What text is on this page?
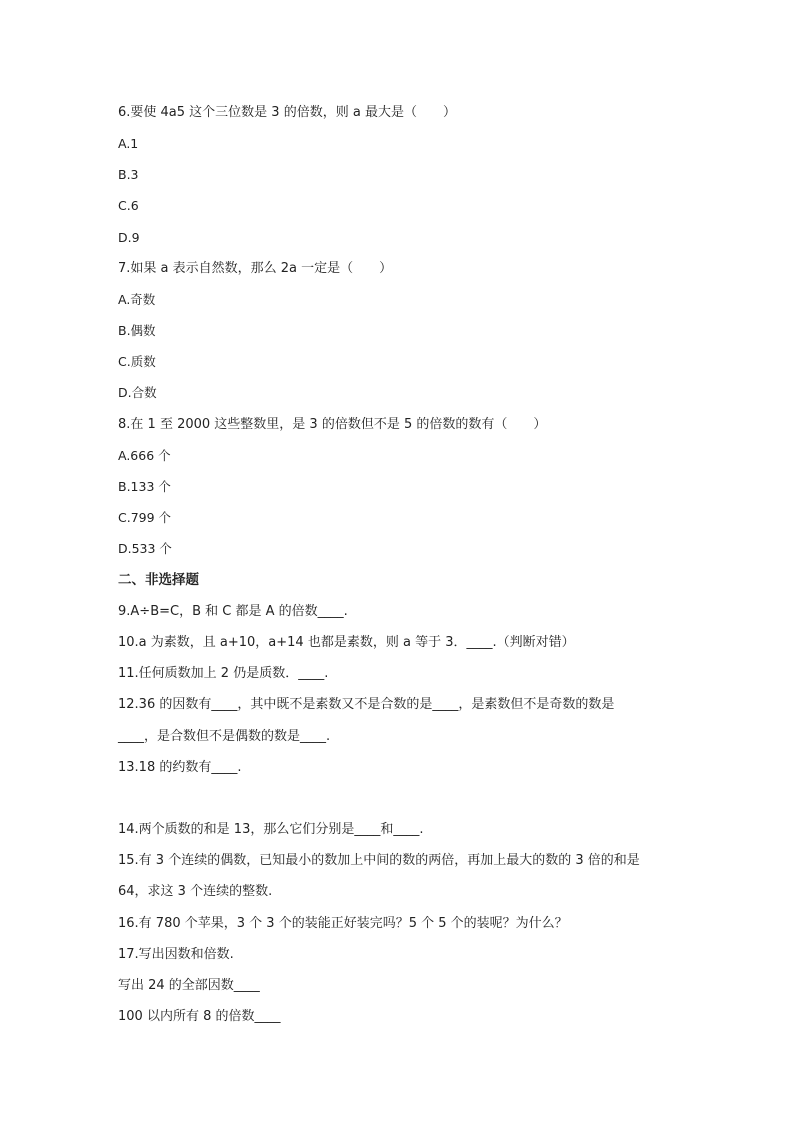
6.要使 4a5 这个三位数是 3 的倍数，则 a 最大是（　　）
A.1
B.3
C.6
D.9
7.如果 a 表示自然数，那么 2a 一定是（　　）
A.奇数
B.偶数
C.质数
D.合数
8.在 1 至 2000 这些整数里，是 3 的倍数但不是 5 的倍数的数有（　　）
A.666 个
B.133 个
C.799 个
D.533 个
二、非选择题
9.A÷B=C，B 和 C 都是 A 的倍数____.
10.a 为素数，且 a+10，a+14 也都是素数，则 a 等于 3．____.（判断对错）
11.任何质数加上 2 仍是质数．____.
12.36 的因数有____，其中既不是素数又不是合数的是____，是素数但不是奇数的数是
____，是合数但不是偶数的数是____.
13.18 的约数有____.
14.两个质数的和是 13，那么它们分别是____和____.
15.有 3 个连续的偶数，已知最小的数加上中间的数的两倍，再加上最大的数的 3 倍的和是
64，求这 3 个连续的整数.
16.有 780 个苹果，3 个 3 个的装能正好装完吗？5 个 5 个的装呢？为什么？
17.写出因数和倍数.
写出 24 的全部因数____
100 以内所有 8 的倍数____
